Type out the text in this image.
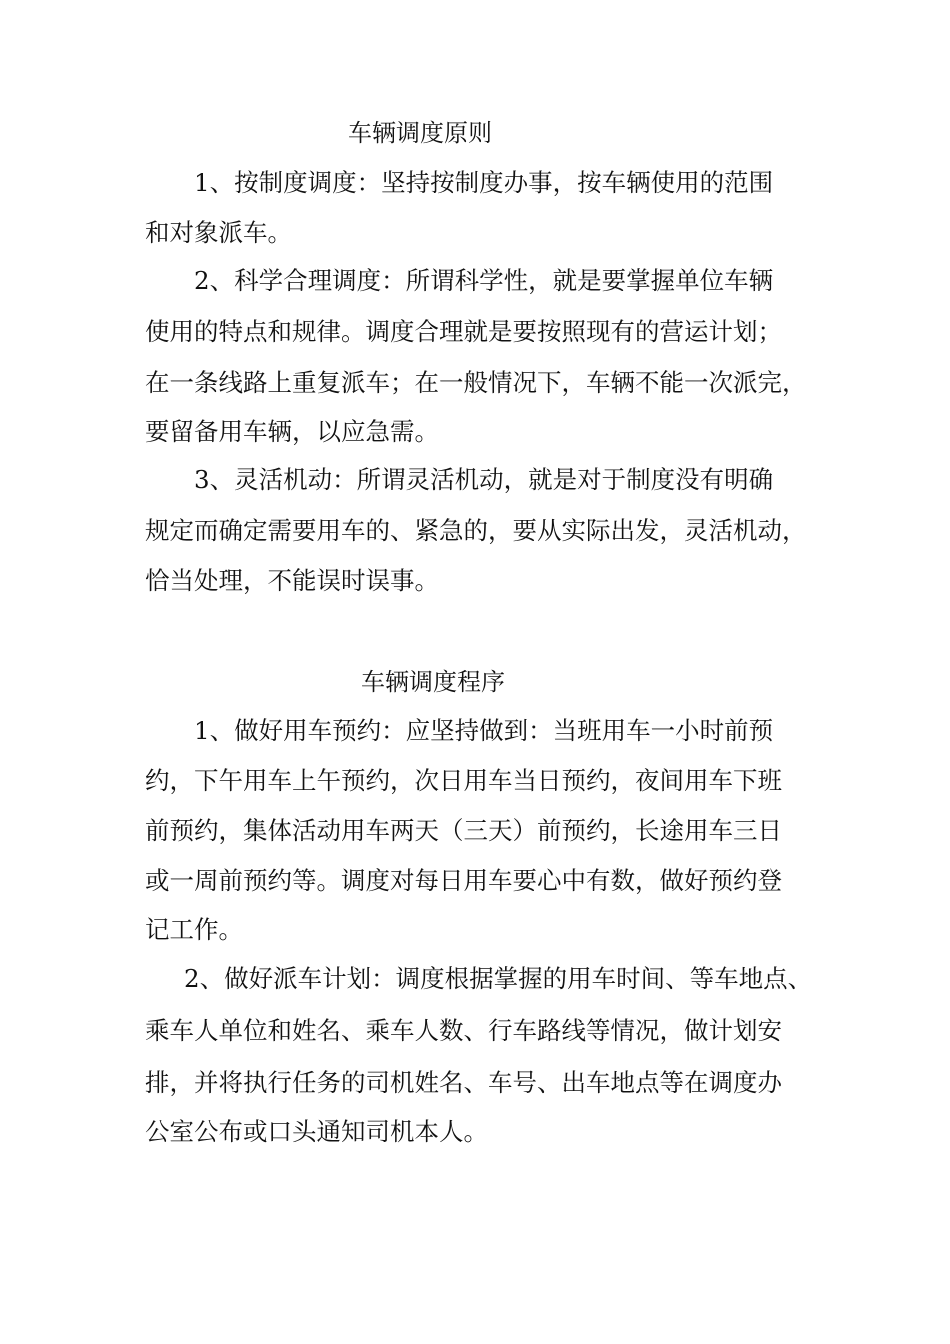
车辆调度原则
1、按制度调度：坚持按制度办事，按车辆使用的范围
和对象派车。
2、科学合理调度：所谓科学性，就是要掌握单位车辆
使用的特点和规律。调度合理就是要按照现有的营运计划；
在一条线路上重复派车；在一般情况下，车辆不能一次派完，
要留备用车辆，以应急需。
3、灵活机动：所谓灵活机动，就是对于制度没有明确
规定而确定需要用车的、紧急的，要从实际出发，灵活机动，
恰当处理，不能误时误事。
车辆调度程序
1、做好用车预约：应坚持做到：当班用车一小时前预
约，下午用车上午预约，次日用车当日预约，夜间用车下班
前预约，集体活动用车两天（三天）前预约，长途用车三日
或一周前预约等。调度对每日用车要心中有数，做好预约登
记工作。
2、做好派车计划：调度根据掌握的用车时间、等车地点、
乘车人单位和姓名、乘车人数、行车路线等情况，做计划安
排，并将执行任务的司机姓名、车号、出车地点等在调度办
公室公布或口头通知司机本人。
